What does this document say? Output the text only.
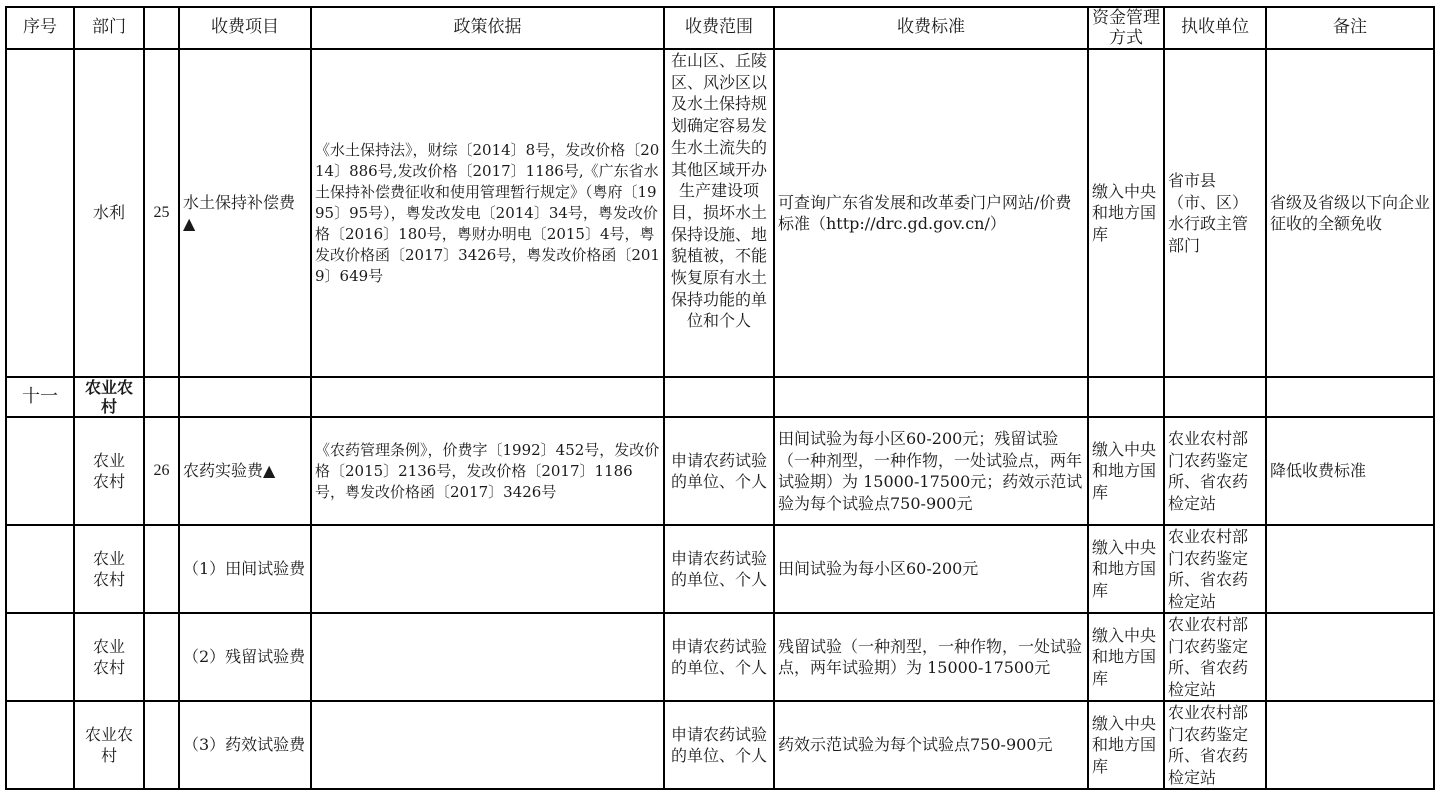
序号	部门		收费项目	政策依据	收费范围	收费标准	资金管理方式	执收单位	备注
	水利	25	水土保持补偿费▲	《水土保持法》，财综〔2014〕8号，发改价格〔2014〕886号,发改价格〔2017〕1186号,《广东省水土保持补偿费征收和使用管理暂行规定》（粤府〔1995〕95号），粤发改发电〔2014〕34号，粤发改价格〔2016〕180号，粤财办明电〔2015〕4号，粤发改价格函〔2017〕3426号，粤发改价格函〔2019〕649号	在山区、丘陵区、风沙区以及水土保持规划确定容易发生水土流失的其他区域开办生产建设项目，损坏水土保持设施、地貌植被，不能恢复原有水土保持功能的单位和个人	可查询广东省发展和改革委门户网站/价费标准（http://drc.gd.gov.cn/）	缴入中央和地方国库	省市县（市、区）水行政主管部门	省级及省级以下向企业征收的全额免收
十一	农业农村								
	农业农村	26	农药实验费▲	《农药管理条例》，价费字〔1992〕452号，发改价格〔2015〕2136号，发改价格〔2017〕1186号，粤发改价格函〔2017〕3426号	申请农药试验的单位、个人	田间试验为每小区60-200元；残留试验（一种剂型，一种作物，一处试验点，两年试验期）为 15000-17500元；药效示范试验为每个试验点750-900元	缴入中央和地方国库	农业农村部门农药鉴定所、省农药检定站	降低收费标准
	农业农村		（1）田间试验费		申请农药试验的单位、个人	田间试验为每小区60-200元	缴入中央和地方国库	农业农村部门农药鉴定所、省农药检定站	
	农业农村		（2）残留试验费		申请农药试验的单位、个人	残留试验（一种剂型，一种作物，一处试验点，两年试验期）为 15000-17500元	缴入中央和地方国库	农业农村部门农药鉴定所、省农药检定站	
	农业农村		（3）药效试验费		申请农药试验的单位、个人	药效示范试验为每个试验点750-900元	缴入中央和地方国库	农业农村部门农药鉴定所、省农药检定站	
